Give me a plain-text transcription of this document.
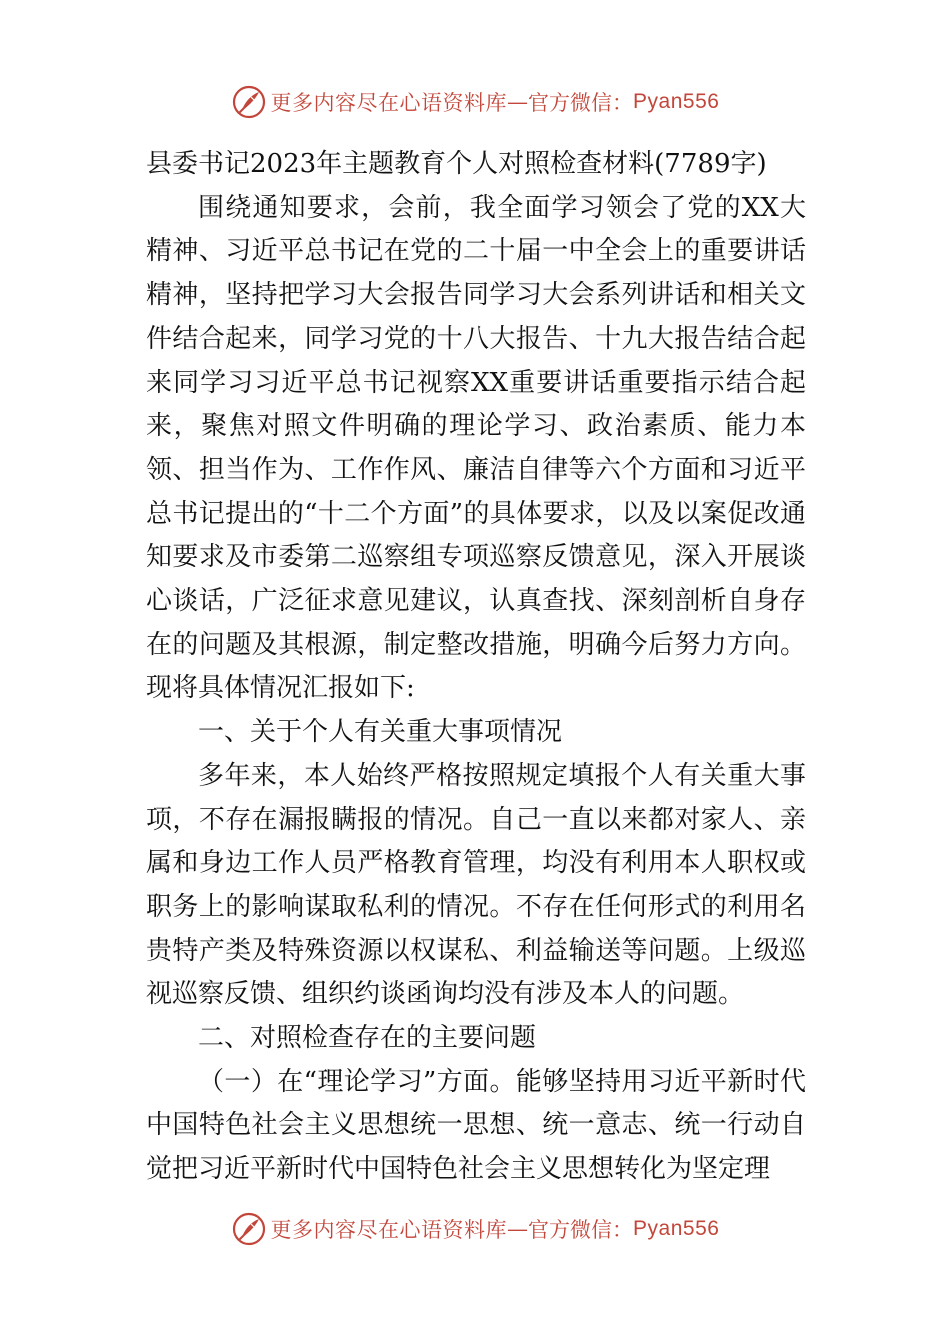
更多内容尽在心语资料库 — 官方微信： Pyan556

县委书记2023年主题教育个人对照检查材料(7789字)

围绕通知要求，会前，我全面学习领会了党的XX大精神、习近平总书记在党的二十届一中全会上的重要讲话精神，坚持把学习大会报告同学习大会系列讲话和相关文件结合起来，同学习党的十八大报告、十九大报告结合起来同学习习近平总书记视察XX重要讲话重要指示结合起来，聚焦对照文件明确的理论学习、政治素质、能力本领、担当作为、工作作风、廉洁自律等六个方面和习近平总书记提出的“十二个方面”的具体要求，以及以案促改通知要求及市委第二巡察组专项巡察反馈意见，深入开展谈心谈话，广泛征求意见建议，认真查找、深刻剖析自身存在的问题及其根源，制定整改措施，明确今后努力方向。现将具体情况汇报如下:

一、关于个人有关重大事项情况

多年来，本人始终严格按照规定填报个人有关重大事项，不存在漏报瞒报的情况。自己一直以来都对家人、亲属和身边工作人员严格教育管理，均没有利用本人职权或职务上的影响谋取私利的情况。不存在任何形式的利用名贵特产类及特殊资源以权谋私、利益输送等问题。上级巡视巡察反馈、组织约谈函询均没有涉及本人的问题。

二、对照检查存在的主要问题

（一）在“理论学习”方面。能够坚持用习近平新时代中国特色社会主义思想统一思想、统一意志、统一行动自觉把习近平新时代中国特色社会主义思想转化为坚定理

更多内容尽在心语资料库 — 官方微信： Pyan556
